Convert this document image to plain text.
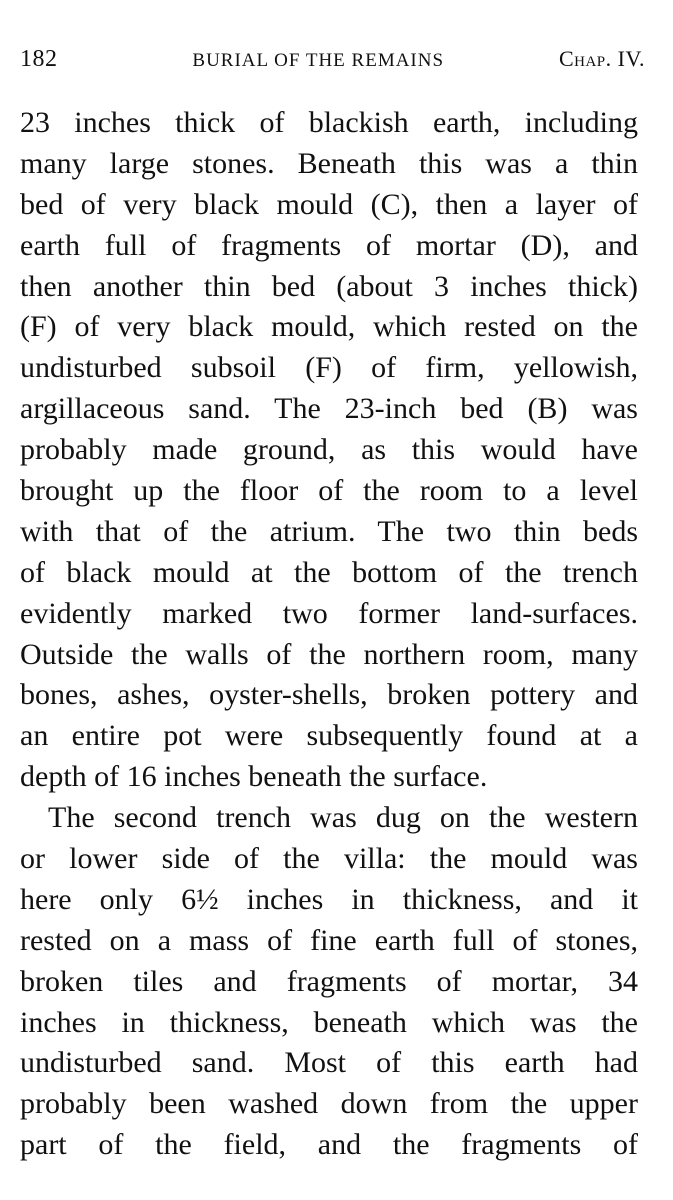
182	BURIAL OF THE REMAINS	Chap. IV.
23 inches thick of blackish earth, including
many large stones. Beneath this was a thin
bed of very black mould (C), then a layer of
earth full of fragments of mortar (D), and
then another thin bed (about 3 inches thick)
(F) of very black mould, which rested on the
undisturbed subsoil (F) of firm, yellowish,
argillaceous sand. The 23-inch bed (B) was
probably made ground, as this would have
brought up the floor of the room to a level
with that of the atrium. The two thin beds
of black mould at the bottom of the trench
evidently marked two former land-surfaces.
Outside the walls of the northern room, many
bones, ashes, oyster-shells, broken pottery and
an entire pot were subsequently found at a
depth of 16 inches beneath the surface.
The second trench was dug on the western
or lower side of the villa: the mould was
here only 6½ inches in thickness, and it
rested on a mass of fine earth full of stones,
broken tiles and fragments of mortar, 34
inches in thickness, beneath which was the
undisturbed sand. Most of this earth had
probably been washed down from the upper
part of the field, and the fragments of
